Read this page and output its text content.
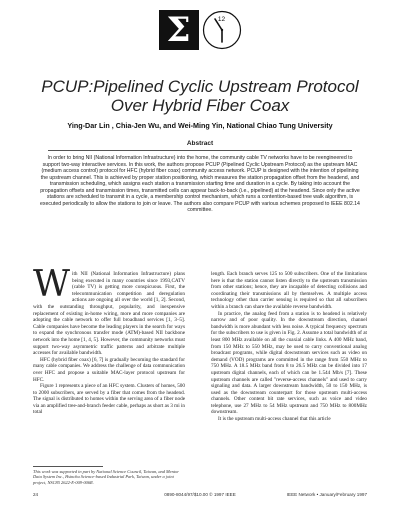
Σ	12
PCUP:Pipelined Cyclic Upstream Protocol
Over Hybrid Fiber Coax
Ying-Dar Lin , Chia-Jen Wu, and Wei-Ming Yin, National Chiao Tung University
Abstract
In order to bring NII (National Information Infrastructure) into the home, the community cable TV networks have to be reengineered to support two-way interactive services. In this work, the authors propose PCUP (Pipelined Cyclic Upstream Protocol) as the upstream MAC (medium access control) protocol for HFC (hybrid fiber coax) community access network. PCUP is designed with the intention of pipelining the upstream channel. This is achieved by proper station positioning, which measures the station propagation offset from the headend, and transmission scheduling, which assigns each station a transmission starting time and duration in a cycle. By taking into account the propagation offsets and transmission times, transmitted cells can appear back-to-back (i.e., pipelined) at the headend. Since only the active stations are scheduled to transmit in a cycle, a membership control mechanism, which runs a contention-based tree walk algorithm, is executed periodically to allow the stations to join or leave. The authors also compare PCUP with various schemes proposed to IEEE 802.14 committee.

With NII (National Information Infrastructure) plans being executed in many countries since 1993,CATV (cable TV) is getting more conspicuous. First, the telecommunication competition and deregulation actions are ongoing all over the world [1, 2]. Second, with the outstanding throughput, popularity, and inexpensive replacement of existing in-home wiring, more and more companies are adopting the cable network to offer full broadband services [1, 3–5]. Cable companies have become the leading players in the search for ways to expand the synchronous transfer mode (ATM)-based NII backbone network into the home [1, 4, 5]. However, the community networks must support two-way asymmetric traffic patterns and arbitrate multiple accesses for available bandwidth.

HFC (hybrid fiber coax) [6, 7] is gradually becoming the standard for many cable companies. We address the challenge of data communication over HFC and propose a suitable MAC-layer protocol upstream for HFC.

Figure 1 represents a piece of an HFC system. Clusters of homes, 500 to 2000 subscribers, are served by a fiber that comes from the headend. The signal is distributed to homes within the serving area of a fiber node via an amplified tree-and-branch feeder cable, perhaps as short as 3 mi in total

This work was supported in part by National Science Council, Taiwan, and Mentor Data System Inc., Hsinchu Science-based Industrial Park, Taiwan, under a joint project, NSC85 2622-E-009-006R.

length. Each branch serves 125 to 500 subscribers. One of the limitations here is that the station cannot listen directly to the upstream transmission from other stations; hence, they are incapable of detecting collisions and coordinating their transmissions all by themselves. A multiple access technology other than carrier sensing is required so that all subscribers within a branch can share the available reverse bandwidth.

In practice, the analog feed from a station is to headend is relatively narrow and of poor quality. In the downstream direction, channel bandwidth is more abundant with less noise. A typical frequency spectrum for the subscribers to use is given in Fig. 2. Assume a total bandwidth of at least 800 MHz available on all the coaxial cable links. A 400 MHz band, from 150 MHz to 550 MHz, may be used to carry conventional analog broadcast programs, while digital downstream services such as video on demand (VOD) programs are committed in the range from 550 MHz to 750 MHz. A 18.5 MHz band from 8 to 26.5 MHz can be divided into 17 upstream digital channels, each of which can be 1.544 Mb/s [7]. These upstream channels are called "reverse-access channels" and used to carry signaling and data. A larger downstream bandwidth, 50 to 150 MHz, is used as the downstream counterpart for those upstream multi-access channels. Other content bit rate services, such as voice and video telephone, use 27 MHz to 54 MHz upstream and 750 MHz to 800MHz downstream.

It is the upstream multi-access channel that this article

24	0890-8044/97/$10.00 © 1997 IEEE	IEEE Network • January/February 1997
